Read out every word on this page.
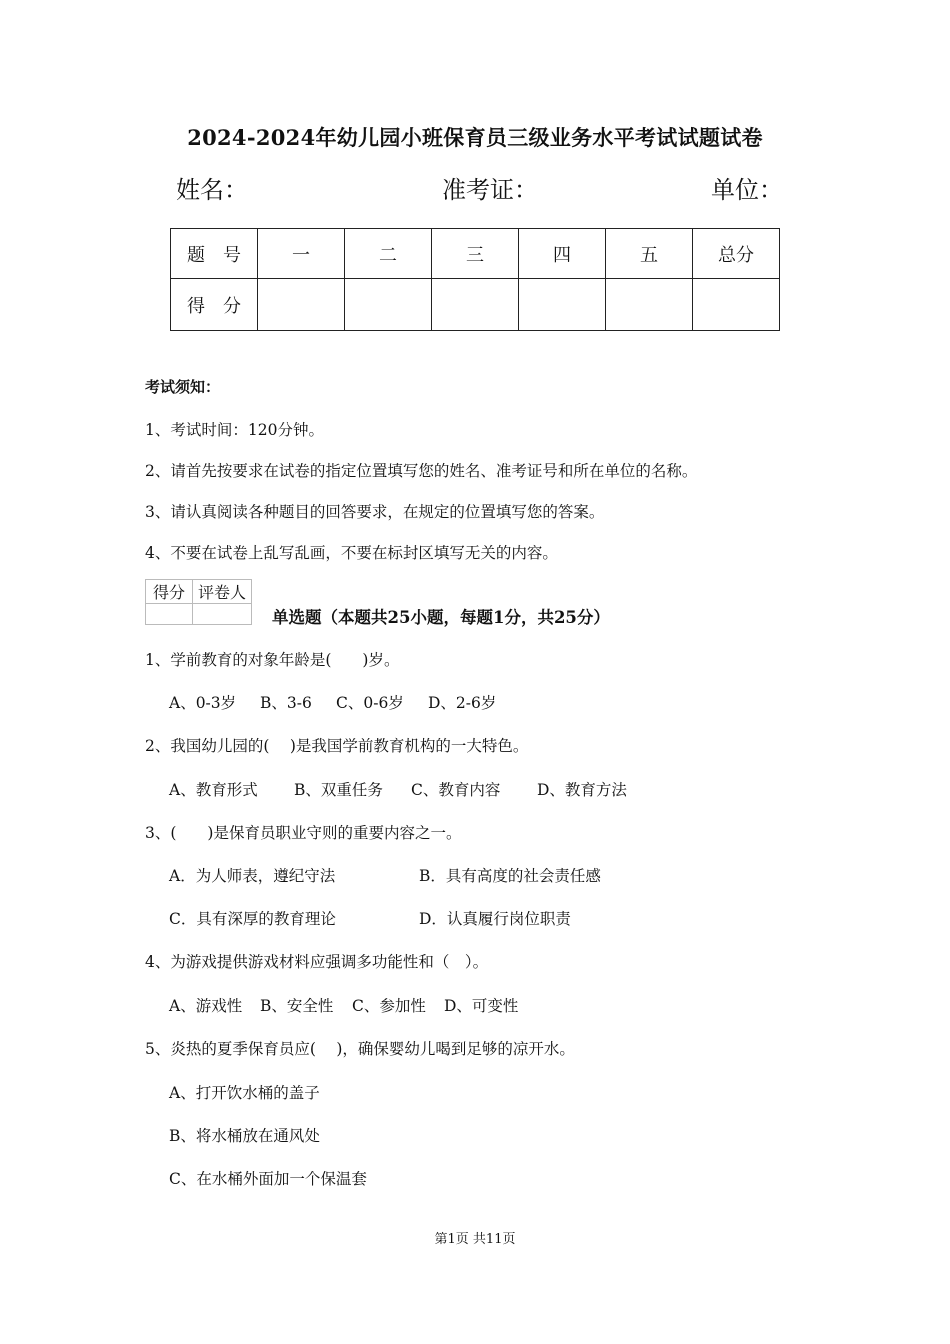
2024-2024年幼儿园小班保育员三级业务水平考试试题试卷
姓名：	准考证：	单位：
题　号	一	二	三	四	五	总分
得　分						
考试须知：
1、考试时间：120分钟。
2、请首先按要求在试卷的指定位置填写您的姓名、准考证号和所在单位的名称。
3、请认真阅读各种题目的回答要求，在规定的位置填写您的答案。
4、不要在试卷上乱写乱画，不要在标封区填写无关的内容。
得分	评卷人

单选题（本题共25小题，每题1分，共25分）
1、学前教育的对象年龄是(　　)岁。
A、0-3岁 B、3-6 C、0-6岁 D、2-6岁
2、我国幼儿园的(　 )是我国学前教育机构的一大特色。
A、教育形式 B、双重任务 C、教育内容 D、教育方法
3、(　　)是保育员职业守则的重要内容之一。
A．为人师表，遵纪守法	B．具有高度的社会责任感
C．具有深厚的教育理论	D．认真履行岗位职责
4、为游戏提供游戏材料应强调多功能性和（　）。
A、游戏性 B、安全性 C、参加性 D、可变性
5、炎热的夏季保育员应(　 )，确保婴幼儿喝到足够的凉开水。
A、打开饮水桶的盖子
B、将水桶放在通风处
C、在水桶外面加一个保温套
第1页 共11页
